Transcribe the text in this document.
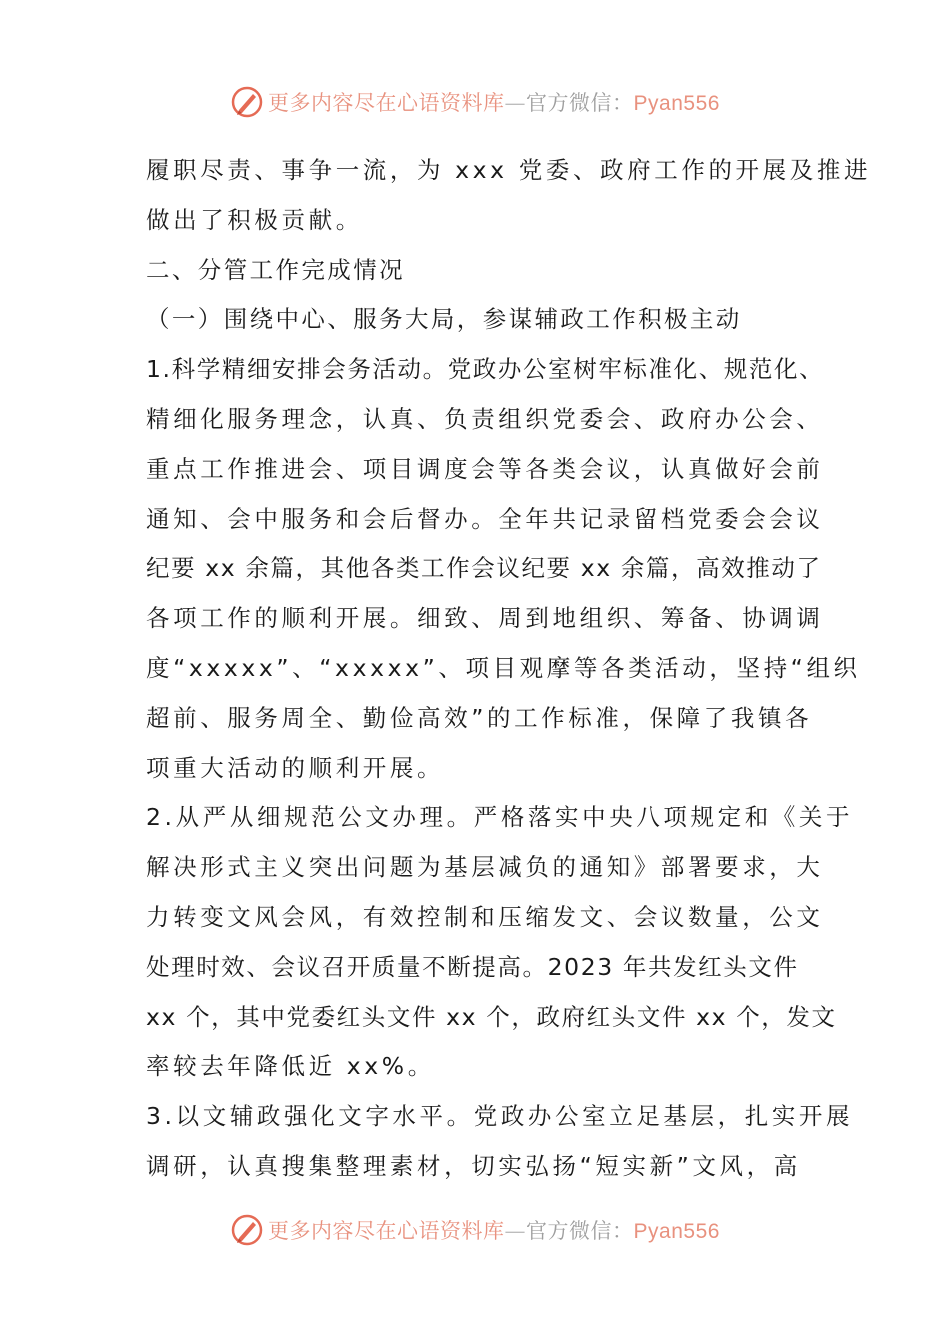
更多内容尽在心语资料库—官方微信：Pyan556
履职尽责、事争一流，为 xxx 党委、政府工作的开展及推进
做出了积极贡献。
二、分管工作完成情况
（一）围绕中心、服务大局，参谋辅政工作积极主动
1.科学精细安排会务活动。党政办公室树牢标准化、规范化、
精细化服务理念，认真、负责组织党委会、政府办公会、
重点工作推进会、项目调度会等各类会议，认真做好会前
通知、会中服务和会后督办。全年共记录留档党委会会议
纪要 xx 余篇，其他各类工作会议纪要 xx 余篇，高效推动了
各项工作的顺利开展。细致、周到地组织、筹备、协调调
度“xxxxx”、“xxxxx”、项目观摩等各类活动，坚持“组织
超前、服务周全、勤俭高效”的工作标准，保障了我镇各
项重大活动的顺利开展。
2.从严从细规范公文办理。严格落实中央八项规定和《关于
解决形式主义突出问题为基层减负的通知》部署要求，大
力转变文风会风，有效控制和压缩发文、会议数量，公文
处理时效、会议召开质量不断提高。2023 年共发红头文件
xx 个，其中党委红头文件 xx 个，政府红头文件 xx 个，发文
率较去年降低近 xx%。
3.以文辅政强化文字水平。党政办公室立足基层，扎实开展
调研，认真搜集整理素材，切实弘扬“短实新”文风，高
更多内容尽在心语资料库—官方微信：Pyan556
